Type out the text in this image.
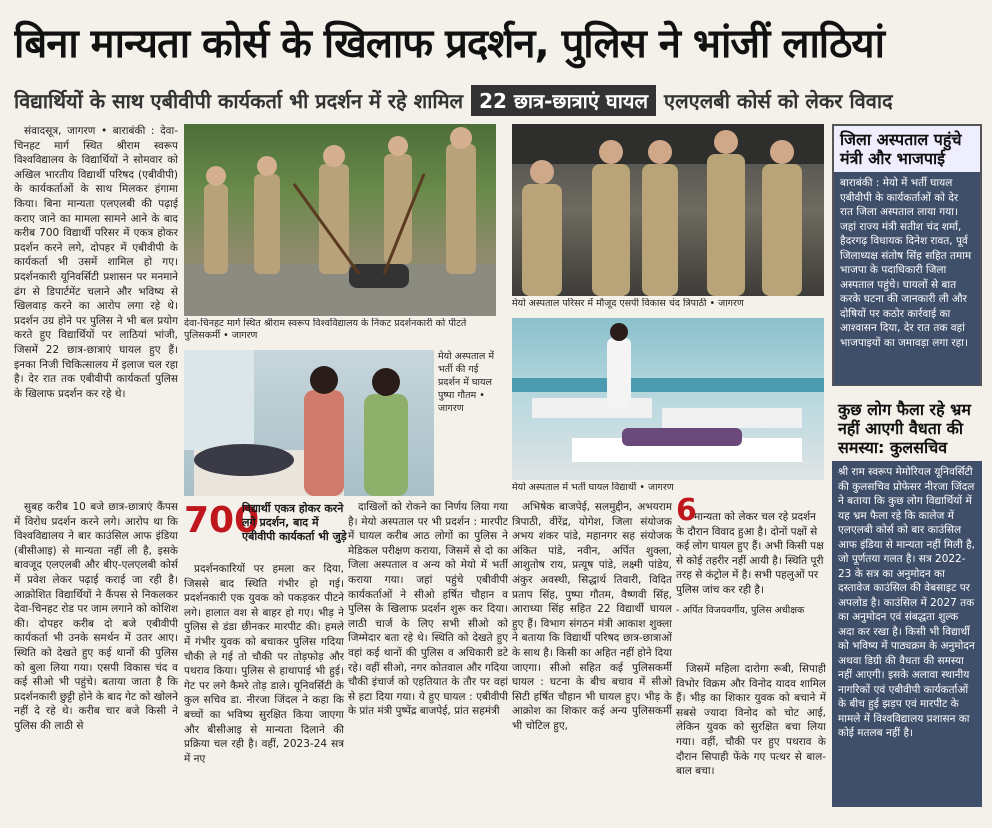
बिना मान्यता कोर्स के खिलाफ प्रदर्शन, पुलिस ने भांजीं लाठियां
विद्यार्थियों के साथ एबीवीपी कार्यकर्ता भी प्रदर्शन में रहे शामिल 22 छात्र-छात्राएं घायल एलएलबी कोर्स को लेकर विवाद

संवादसूत्र, जागरण • बाराबंकी : देवा-चिनहट मार्ग स्थित श्रीराम स्वरूप विश्वविद्यालय के विद्यार्थियों ने सोमवार को अखिल भारतीय विद्यार्थी परिषद (एबीवीपी) के कार्यकर्ताओं के साथ मिलकर हंगामा किया। बिना मान्यता एलएलबी की पढ़ाई कराए जाने का मामला सामने आने के बाद करीब 700 विद्यार्थी परिसर में एकत्र होकर प्रदर्शन करने लगे, दोपहर में एबीवीपी के कार्यकर्ता भी उसमें शामिल हो गए। प्रदर्शनकारी यूनिवर्सिटी प्रशासन पर मनमाने ढंग से डिपार्टमेंट चलाने और भविष्य से खिलवाड़ करने का आरोप लगा रहे थे। प्रदर्शन उग्र होने पर पुलिस ने भी बल प्रयोग करते हुए विद्यार्थियों पर लाठियां भांजी, जिसमें 22 छात्र-छात्राएं घायल हुए हैं। इनका निजी चिकित्सालय में इलाज चल रहा है। देर रात तक एबीवीपी कार्यकर्ता पुलिस के खिलाफ प्रदर्शन कर रहे थे।

सुबह करीब 10 बजे छात्र-छात्राएं कैंपस में विरोध प्रदर्शन करने लगे। आरोप था कि विश्वविद्यालय ने बार काउंसिल आफ इंडिया (बीसीआइ) से मान्यता नहीं ली है, इसके बावजूद एलएलबी और बीए-एलएलबी कोर्स में प्रवेश लेकर पढ़ाई कराई जा रही है। आक्रोशित विद्यार्थियों ने कैंपस से निकलकर देवा-चिनहट रोड पर जाम लगाने को कोशिश की। दोपहर करीब दो बजे एबीवीपी कार्यकर्ता भी उनके समर्थन में उतर आए। स्थिति को देखते हुए कई थानों की पुलिस को बुला लिया गया। एसपी विकास चंद व कई सीओ भी पहुंचे। बताया जाता है कि प्रदर्शनकारी छुट्टी होने के बाद गेट को खोलने नहीं दे रहे थे। करीब चार बजे किसी ने पुलिस की लाठी से

देवा-चिनहट मार्ग स्थित श्रीराम स्वरूप विश्वविद्यालय के निकट प्रदर्शनकारी को पीटते पुलिसकर्मी • जागरण
मेयो अस्पताल में भर्ती की गई प्रदर्शन में घायल पुष्पा गौतम • जागरण
700
विद्यार्थी एकत्र होकर करने लगे प्रदर्शन, बाद में एबीवीपी कार्यकर्ता भी जुड़े

प्रदर्शनकारियों पर हमला कर दिया, जिससे बाद स्थिति गंभीर हो गई। प्रदर्शनकारी एक युवक को पकड़कर पीटने लगे। हालात वश से बाहर हो गए। भीड़ ने पुलिस से डंडा छीनकर मारपीट की। हमले में गंभीर युवक को बचाकर पुलिस गदिया चौकी ले गई तो चौकी पर तोड़फोड़ और पथराव किया। पुलिस से हाथापाई भी हुई। गेट पर लगे कैमरे तोड़ डाले। यूनिवर्सिटी के कुल सचिव डा. नीरजा जिंदल ने कहा कि बच्चों का भविष्य सुरक्षित किया जाएगा और बीसीआइ से मान्यता दिलाने की प्रक्रिया चल रही है। वहीं, 2023-24 सत्र में नए

दाखिलों को रोकने का निर्णय लिया गया है। मेयो अस्पताल पर भी प्रदर्शन : मारपीट में घायल करीब आठ लोगों का पुलिस ने मेडिकल परीक्षण कराया, जिसमें से दो का जिला अस्पताल व अन्य को मेयो में भर्ती कराया गया। जहां पहुंचे एबीवीपी कार्यकर्ताओं ने सीओ हर्षित चौहान व पुलिस के खिलाफ प्रदर्शन शुरू कर दिया। लाठी चार्ज के लिए सभी सीओ को जिम्मेदार बता रहे थे। स्थिति को देखते हुए वहां कई थानों की पुलिस व अधिकारी डटे रहे। वहीं सीओ, नगर कोतवाल और गदिया चौकी इंचार्ज को एहतियात के तौर पर वहां से हटा दिया गया। ये हुए घायल : एबीवीपी के प्रांत मंत्री पुष्पेंद्र बाजपेई, प्रांत सहमंत्री

मेयो अस्पताल परिसर में मौजूद एसपी विकास चंद त्रिपाठी • जागरण
मेयो अस्पताल में भर्ती घायल विद्यार्थी • जागरण

अभिषेक बाजपेई, सलमुद्दीन, अभयराम त्रिपाठी, वीरेंद्र, योगेश, जिला संयोजक अभय शंकर पांडे, महानगर सह संयोजक अंकित पांडे, नवीन, अर्पित शुक्ला, आशुतोष राय, प्रत्यूष पांडे, लक्ष्मी पांडेय, अंकुर अवस्थी, सिद्धार्थ तिवारी, विदित प्रताप सिंह, पुष्पा गौतम, वैष्णवी सिंह, आराध्या सिंह सहित 22 विद्यार्थी घायल हुए हैं। विभाग संगठन मंत्री आकाश शुक्ला ने बताया कि विद्यार्थी परिषद छात्र-छात्राओं के साथ है। किसी का अहित नहीं होने दिया जाएगा। सीओ सहित कई पुलिसकर्मी घायल : घटना के बीच बचाव में सीओ सिटी हर्षित चौहान भी घायल हुए। भीड़ के आक्रोश का शिकार कई अन्य पुलिसकर्मी भी चोटिल हुए,

6

मान्यता को लेकर चल रहे प्रदर्शन के दौरान विवाद हुआ है। दोनों पक्षों से कई लोग घायल हुए हैं। अभी किसी पक्ष से कोई तहरीर नहीं आयी है। स्थिति पूरी तरह से कंट्रोल में है। सभी पहलुओं पर पुलिस जांच कर रही है।

- अर्पित विजयवर्गीय, पुलिस अधीक्षक

जिसमें महिला दारोगा रूबी, सिपाही विभोर विक्रम और विनोद यादव शामिल हैं। भीड़ का शिकार युवक को बचाने में सबसे ज्यादा विनोद को चोट आई, लेकिन युवक को सुरक्षित बचा लिया गया। वहीं, चौकी पर हुए पथराव के दौरान सिपाही फेंके गए पत्थर से बाल-बाल बचा।

जिला अस्पताल पहुंचे मंत्री और भाजपाई
बाराबंकी : मेयो में भर्ती घायल एबीवीपी के कार्यकर्ताओं को देर रात जिला अस्पताल लाया गया। जहां राज्य मंत्री सतीश चंद शर्मा, हैदरगढ़ विधायक दिनेश रावत, पूर्व जिलाध्यक्ष संतोष सिंह सहित तमाम भाजपा के पदाधिकारी जिला अस्पताल पहुंचे। घायलों से बात करके घटना की जानकारी ली और दोषियों पर कठोर कार्रवाई का आश्वासन दिया, देर रात तक वहां भाजपाइयों का जमावड़ा लगा रहा।
कुछ लोग फैला रहे भ्रम नहीं आएगी वैधता की समस्या: कुलसचिव
श्री राम स्वरूप मेमोरियल यूनिवर्सिटी की कुलसचिव प्रोफेसर नीरजा जिंदल ने बताया कि कुछ लोग विद्यार्थियों में यह भ्रम फैला रहे कि कालेज में एलएलबी कोर्स को बार काउंसिल आफ इंडिया से मान्यता नहीं मिली है, जो पूर्णतया गलत है। सत्र 2022-23 के सत्र का अनुमोदन का दस्तावेज काउंसिल की वेबसाइट पर अपलोड है। काउंसिल में 2027 तक का अनुमोदन एवं संबद्धता शुल्क अदा कर रखा है। किसी भी विद्यार्थी को भविष्य में पाठ्यक्रम के अनुमोदन अथवा डिग्री की वैधता की समस्या नहीं आएगी। इसके अलावा स्थानीय नागरिकों एवं एबीवीपी कार्यकर्ताओं के बीच हुई झड़प एवं मारपीट के मामले में विश्वविद्यालय प्रशासन का कोई मतलब नहीं है।
